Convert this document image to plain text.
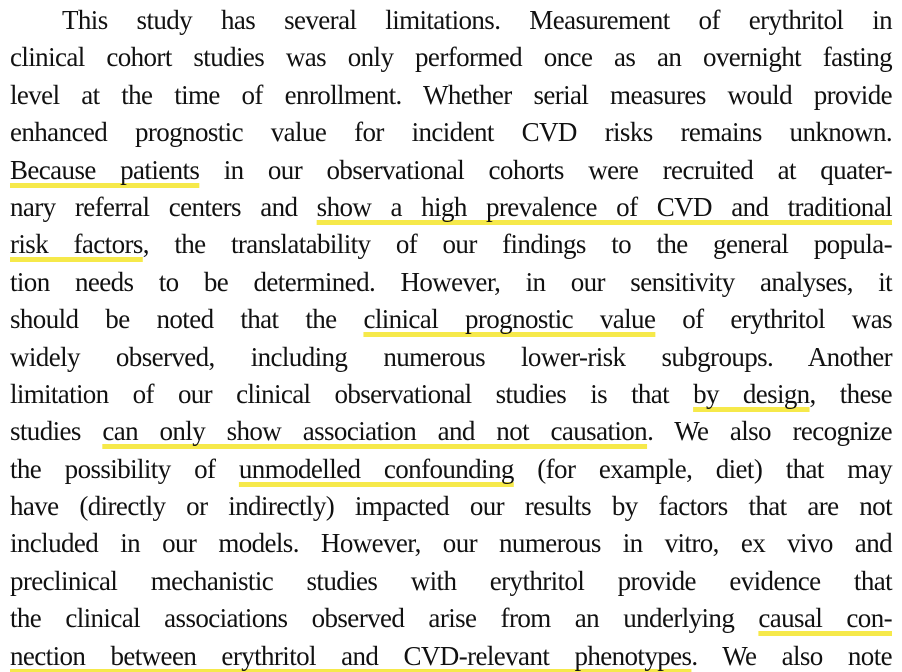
This study has several limitations. Measurement of erythritol in
clinical cohort studies was only performed once as an overnight fasting
level at the time of enrollment. Whether serial measures would provide
enhanced prognostic value for incident CVD risks remains unknown.
Because patients in our observational cohorts were recruited at quater-
nary referral centers and show a high prevalence of CVD and traditional
risk factors, the translatability of our findings to the general popula-
tion needs to be determined. However, in our sensitivity analyses, it
should be noted that the clinical prognostic value of erythritol was
widely observed, including numerous lower-risk subgroups. Another
limitation of our clinical observational studies is that by design, these
studies can only show association and not causation. We also recognize
the possibility of unmodelled confounding (for example, diet) that may
have (directly or indirectly) impacted our results by factors that are not
included in our models. However, our numerous in vitro, ex vivo and
preclinical mechanistic studies with erythritol provide evidence that
the clinical associations observed arise from an underlying causal con-
nection between erythritol and CVD-relevant phenotypes. We also note
